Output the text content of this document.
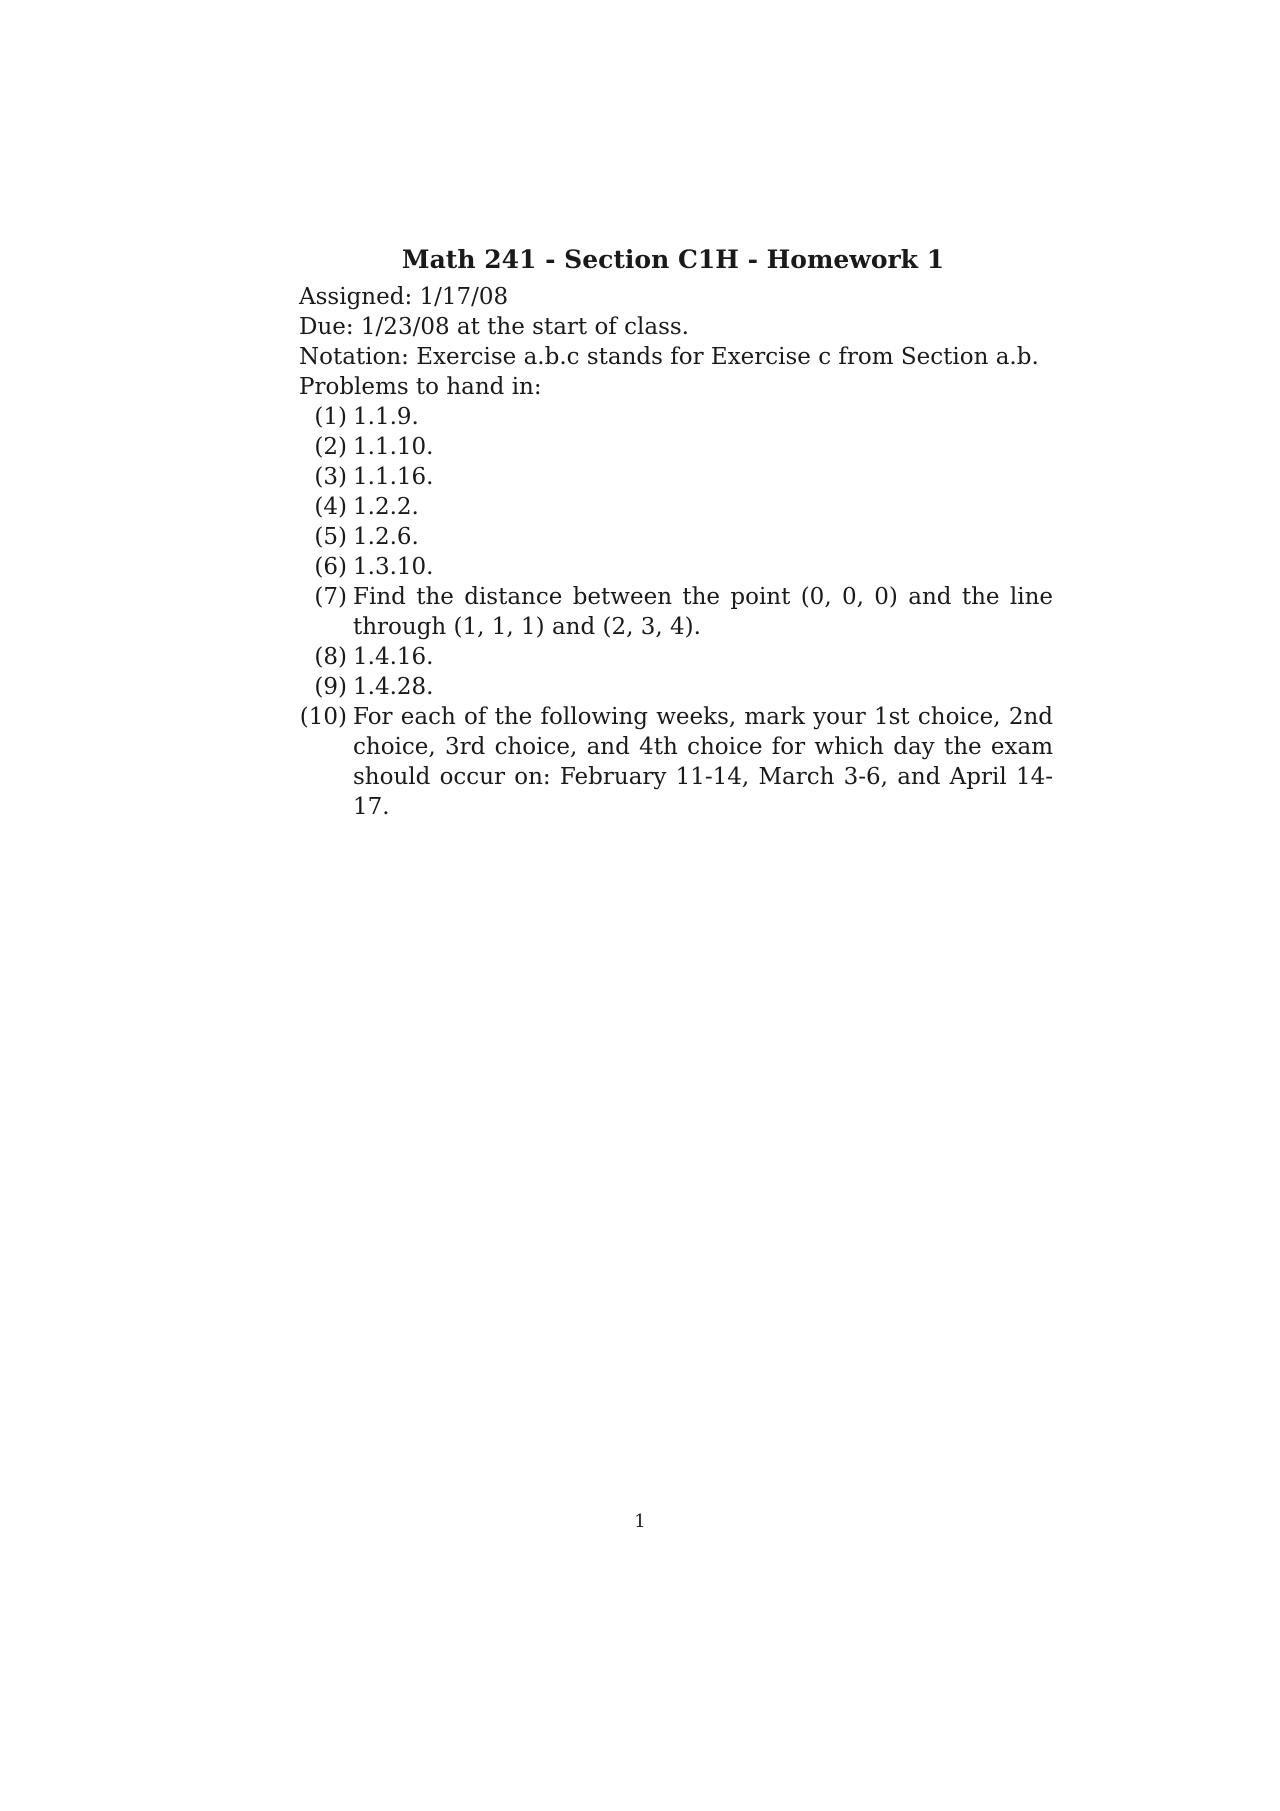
Math 241 - Section C1H - Homework 1
Assigned: 1/17/08
Due: 1/23/08 at the start of class.
Notation: Exercise a.b.c stands for Exercise c from Section a.b.
Problems to hand in:
(1) 1.1.9.
(2) 1.1.10.
(3) 1.1.16.
(4) 1.2.2.
(5) 1.2.6.
(6) 1.3.10.
(7) Find the distance between the point (0, 0, 0) and the line through (1, 1, 1) and (2, 3, 4).
(8) 1.4.16.
(9) 1.4.28.
(10) For each of the following weeks, mark your 1st choice, 2nd choice, 3rd choice, and 4th choice for which day the exam should occur on: February 11-14, March 3-6, and April 14-17.
1
